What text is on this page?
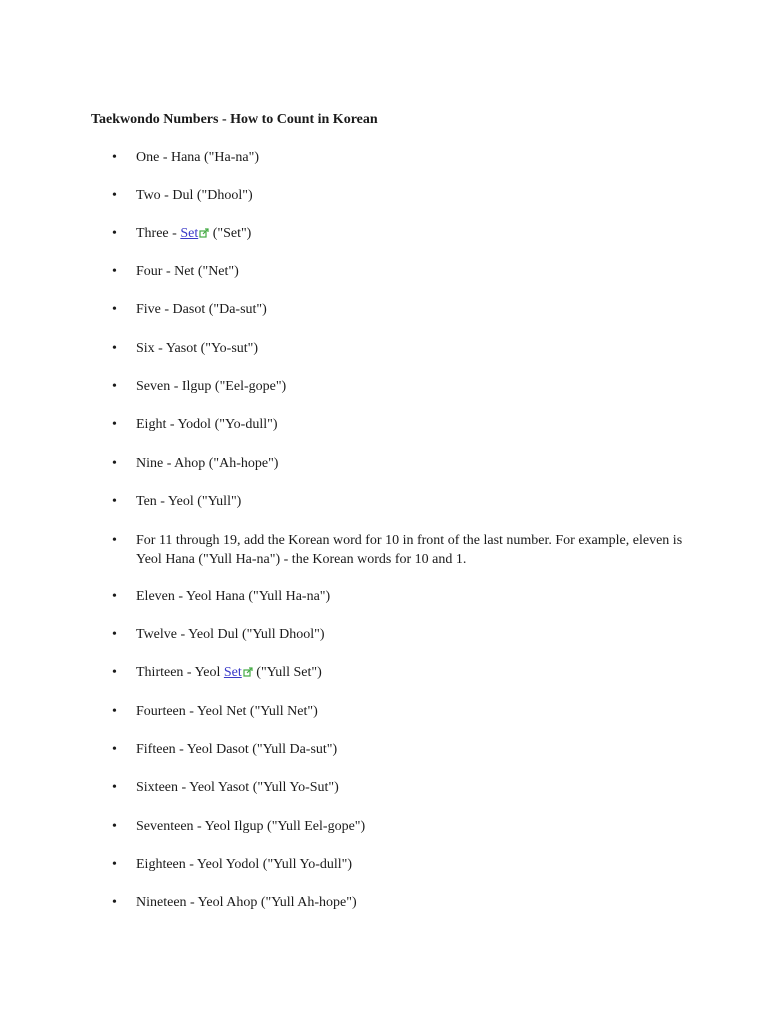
Taekwondo Numbers - How to Count in Korean
•	One - Hana ("Ha-na")
•	Two - Dul ("Dhool")
•	Three - Set ("Set")
•	Four - Net ("Net")
•	Five - Dasot ("Da-sut")
•	Six - Yasot ("Yo-sut")
•	Seven - Ilgup ("Eel-gope")
•	Eight - Yodol ("Yo-dull")
•	Nine - Ahop ("Ah-hope")
•	Ten - Yeol ("Yull")
•	For 11 through 19, add the Korean word for 10 in front of the last number. For example, eleven is Yeol Hana ("Yull Ha-na") - the Korean words for 10 and 1.
•	Eleven - Yeol Hana ("Yull Ha-na")
•	Twelve - Yeol Dul ("Yull Dhool")
•	Thirteen - Yeol Set ("Yull Set")
•	Fourteen - Yeol Net ("Yull Net")
•	Fifteen - Yeol Dasot ("Yull Da-sut")
•	Sixteen - Yeol Yasot ("Yull Yo-Sut")
•	Seventeen - Yeol Ilgup ("Yull Eel-gope")
•	Eighteen - Yeol Yodol ("Yull Yo-dull")
•	Nineteen - Yeol Ahop ("Yull Ah-hope")
